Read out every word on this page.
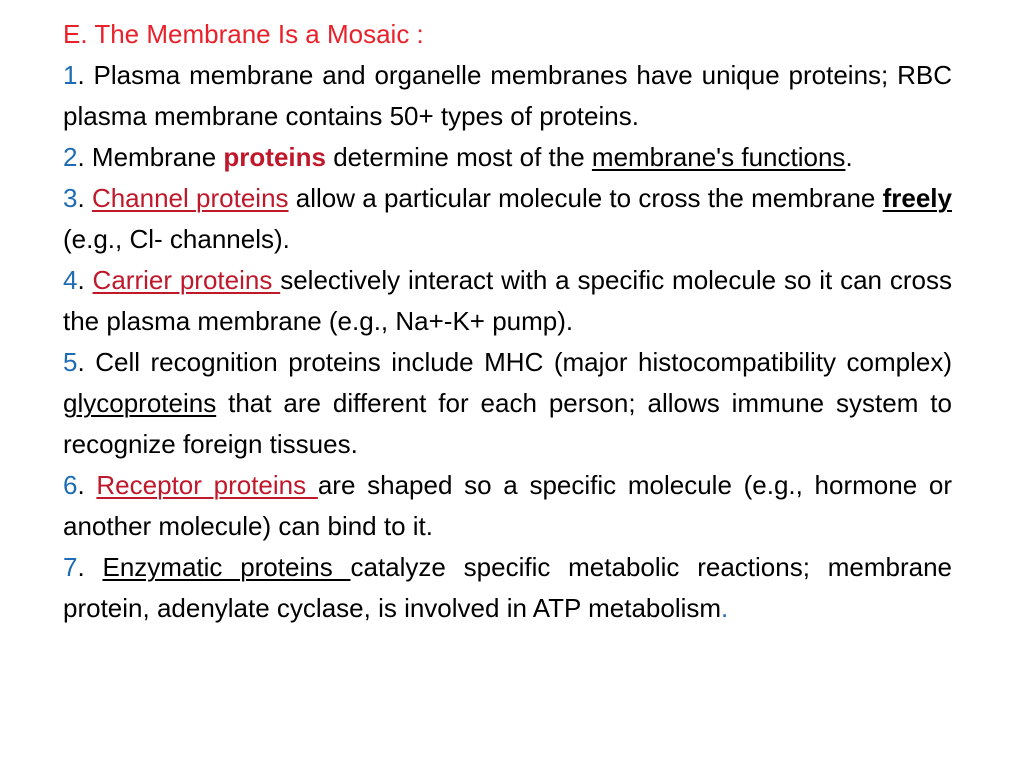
E. The Membrane Is a Mosaic :
1. Plasma membrane and organelle membranes have unique proteins; RBC plasma membrane contains 50+ types of proteins.
2. Membrane proteins determine most of the membrane's functions.
3. Channel proteins allow a particular molecule to cross the membrane freely (e.g., Cl- channels).
4. Carrier proteins selectively interact with a specific molecule so it can cross the plasma membrane (e.g., Na+-K+ pump).
5. Cell recognition proteins include MHC (major histocompatibility complex) glycoproteins that are different for each person; allows immune system to recognize foreign tissues.
6. Receptor proteins are shaped so a specific molecule (e.g., hormone or another molecule) can bind to it.
7. Enzymatic proteins catalyze specific metabolic reactions; membrane protein, adenylate cyclase, is involved in ATP metabolism.
